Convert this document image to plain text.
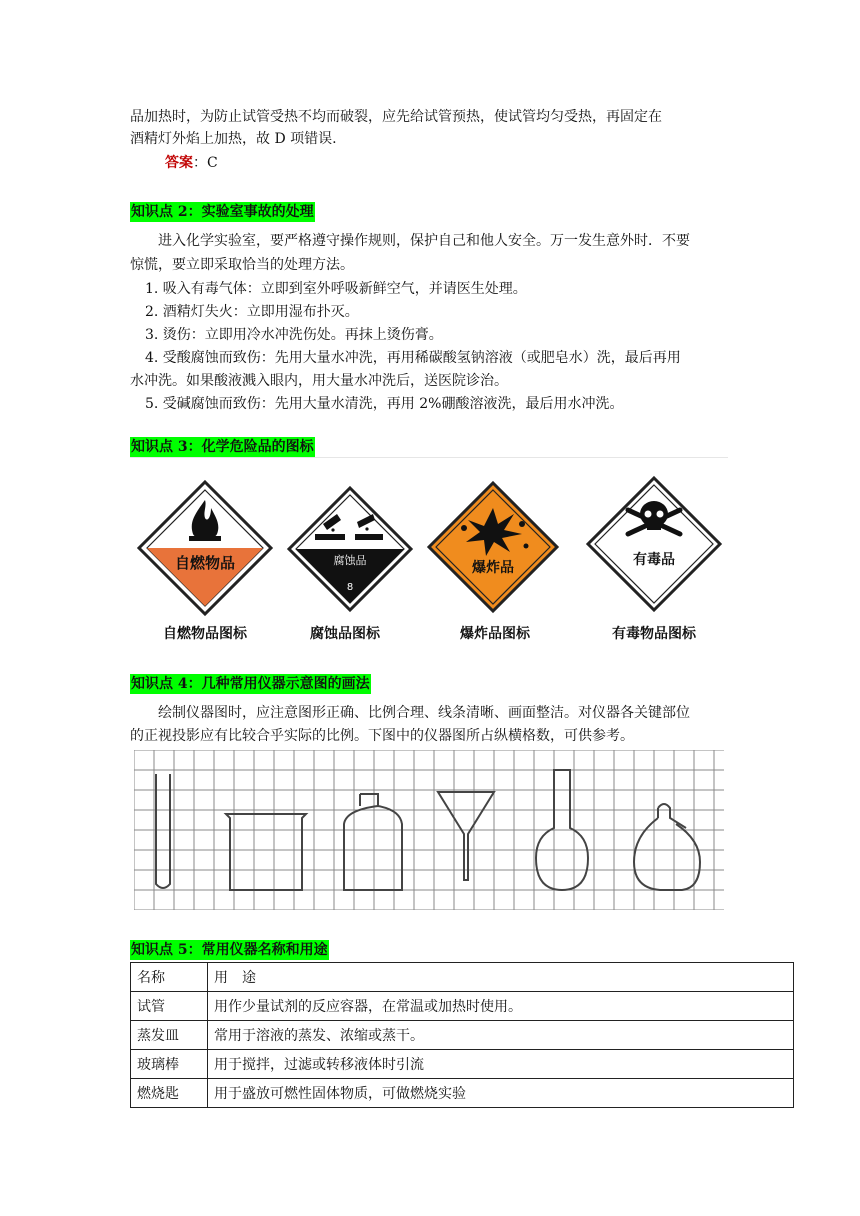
品加热时，为防止试管受热不均而破裂，应先给试管预热，使试管均匀受热，再固定在
酒精灯外焰上加热，故 D 项错误.
答案：C
知识点 2：实验室事故的处理
进入化学实验室，要严格遵守操作规则，保护自己和他人安全。万一发生意外时．不要
惊慌，要立即采取恰当的处理方法。
1. 吸入有毒气体：立即到室外呼吸新鲜空气，并请医生处理。
2. 酒精灯失火：立即用湿布扑灭。
3. 烫伤：立即用冷水冲洗伤处。再抹上烫伤膏。
4. 受酸腐蚀而致伤：先用大量水冲洗，再用稀碳酸氢钠溶液（或肥皂水）洗，最后再用
水冲洗。如果酸液溅入眼内，用大量水冲洗后，送医院诊治。
5. 受碱腐蚀而致伤：先用大量水清洗，再用 2%硼酸溶液洗，最后用水冲洗。
知识点 3：化学危险品的图标
自燃物品
自燃物品图标
腐蚀品
8
腐蚀品图标
爆炸品
爆炸品图标
有毒品
有毒物品图标
知识点 4：几种常用仪器示意图的画法
绘制仪器图时，应注意图形正确、比例合理、线条清晰、画面整洁。对仪器各关键部位
的正视投影应有比较合乎实际的比例。下图中的仪器图所占纵横格数，可供参考。
知识点 5：常用仪器名称和用途
名称	用　途
试管	用作少量试剂的反应容器，在常温或加热时使用。
蒸发皿	常用于溶液的蒸发、浓缩或蒸干。
玻璃棒	用于搅拌，过滤或转移液体时引流
燃烧匙	用于盛放可燃性固体物质，可做燃烧实验
